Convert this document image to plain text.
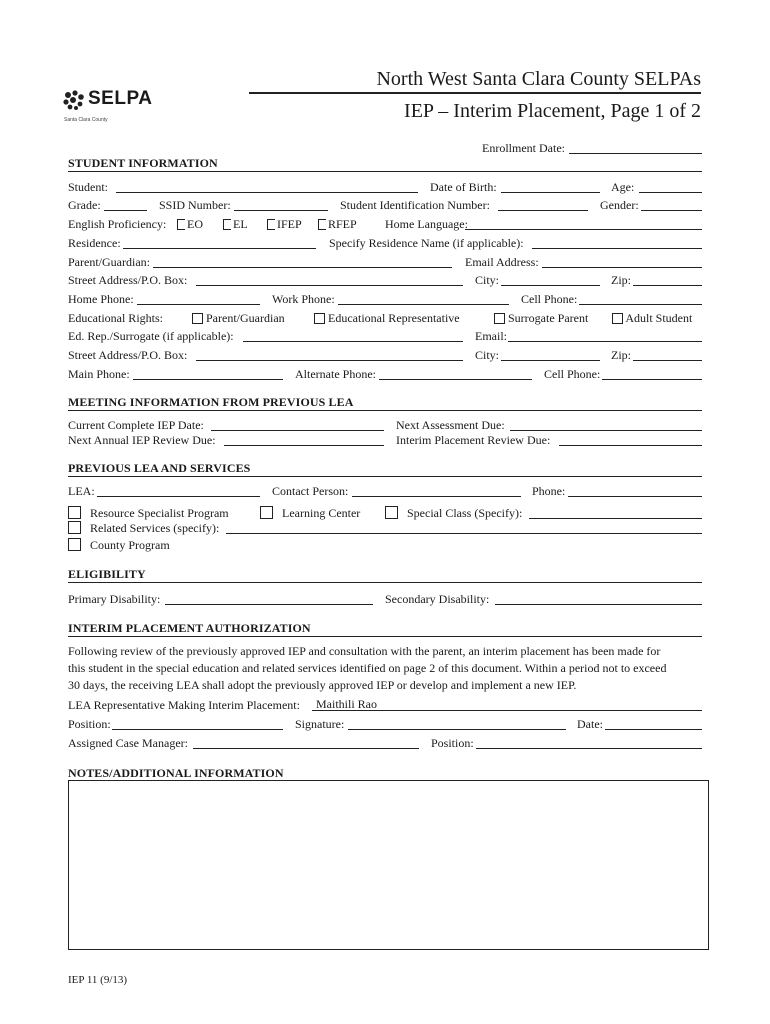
SELPA
Santa Clara County
North West Santa Clara County SELPAs
IEP – Interim Placement, Page 1 of 2
Enrollment Date:
STUDENT INFORMATION
Student:	Date of Birth:	Age:
Grade:	SSID Number:	Student Identification Number:	Gender:
English Proficiency:	EO	EL	IFEP	RFEP Home Language:
Residence:	Specify Residence Name (if applicable):
Parent/Guardian:	Email Address:
Street Address/P.O. Box:	City:	Zip:
Home Phone:	Work Phone:	Cell Phone:
Educational Rights:	Parent/Guardian	Educational Representative	Surrogate Parent	Adult Student
Ed. Rep./Surrogate (if applicable):	Email:
Street Address/P.O. Box:	City:	Zip:
Main Phone:	Alternate Phone:	Cell Phone:
MEETING INFORMATION FROM PREVIOUS LEA
Current Complete IEP Date:	Next Assessment Due:
Next Annual IEP Review Due:	Interim Placement Review Due:
PREVIOUS LEA AND SERVICES
LEA:	Contact Person:	Phone:
Resource Specialist Program	Learning Center	Special Class (Specify):
Related Services (specify):
County Program
ELIGIBILITY
Primary Disability:	Secondary Disability:
INTERIM PLACEMENT AUTHORIZATION
Following review of the previously approved IEP and consultation with the parent, an interim placement has been made for
this student in the special education and related services identified on page 2 of this document. Within a period not to exceed
30 days, the receiving LEA shall adopt the previously approved IEP or develop and implement a new IEP.
LEA Representative Making Interim Placement: Maithili Rao
Position:	Signature:	Date:
Assigned Case Manager:	Position:
NOTES/ADDITIONAL INFORMATION
IEP 11 (9/13)
